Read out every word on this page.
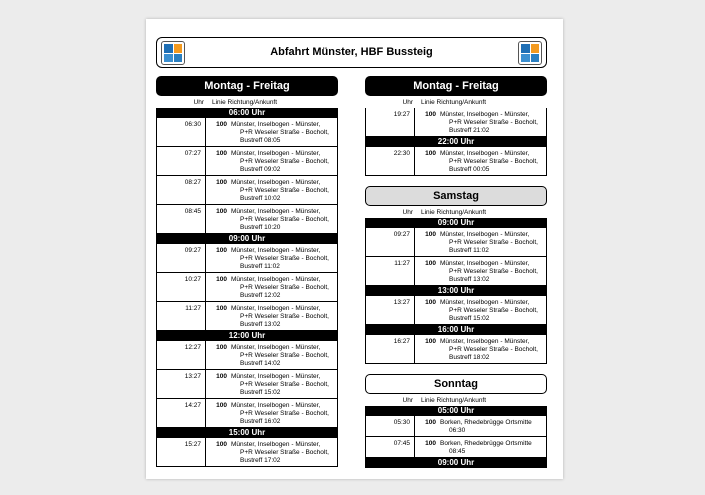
Abfahrt Münster, HBF Bussteig
Montag - Freitag
Uhr Linie Richtung/Ankunft
06:00 Uhr
06:30	100 Münster, Inselbogen - Münster,
P+R Weseler Straße - Bocholt,
Bustreff 08:05
07:27	100 Münster, Inselbogen - Münster,
P+R Weseler Straße - Bocholt,
Bustreff 09:02
08:27	100 Münster, Inselbogen - Münster,
P+R Weseler Straße - Bocholt,
Bustreff 10:02
08:45	100 Münster, Inselbogen - Münster,
P+R Weseler Straße - Bocholt,
Bustreff 10:20
09:00 Uhr
09:27	100 Münster, Inselbogen - Münster,
P+R Weseler Straße - Bocholt,
Bustreff 11:02
10:27	100 Münster, Inselbogen - Münster,
P+R Weseler Straße - Bocholt,
Bustreff 12:02
11:27	100 Münster, Inselbogen - Münster,
P+R Weseler Straße - Bocholt,
Bustreff 13:02
12:00 Uhr
12:27	100 Münster, Inselbogen - Münster,
P+R Weseler Straße - Bocholt,
Bustreff 14:02
13:27	100 Münster, Inselbogen - Münster,
P+R Weseler Straße - Bocholt,
Bustreff 15:02
14:27	100 Münster, Inselbogen - Münster,
P+R Weseler Straße - Bocholt,
Bustreff 16:02
15:00 Uhr
15:27	100 Münster, Inselbogen - Münster,
P+R Weseler Straße - Bocholt,
Bustreff 17:02
Montag - Freitag
Uhr Linie Richtung/Ankunft
19:27	100 Münster, Inselbogen - Münster,
P+R Weseler Straße - Bocholt,
Bustreff 21:02
22:00 Uhr
22:30	100 Münster, Inselbogen - Münster,
P+R Weseler Straße - Bocholt,
Bustreff 00:05
Samstag
Uhr Linie Richtung/Ankunft
09:00 Uhr
09:27	100 Münster, Inselbogen - Münster,
P+R Weseler Straße - Bocholt,
Bustreff 11:02
11:27	100 Münster, Inselbogen - Münster,
P+R Weseler Straße - Bocholt,
Bustreff 13:02
13:00 Uhr
13:27	100 Münster, Inselbogen - Münster,
P+R Weseler Straße - Bocholt,
Bustreff 15:02
16:00 Uhr
16:27	100 Münster, Inselbogen - Münster,
P+R Weseler Straße - Bocholt,
Bustreff 18:02
Sonntag
Uhr Linie Richtung/Ankunft
05:00 Uhr
05:30	100 Borken, Rhedebrügge Ortsmitte
06:30
07:45	100 Borken, Rhedebrügge Ortsmitte
08:45
09:00 Uhr
